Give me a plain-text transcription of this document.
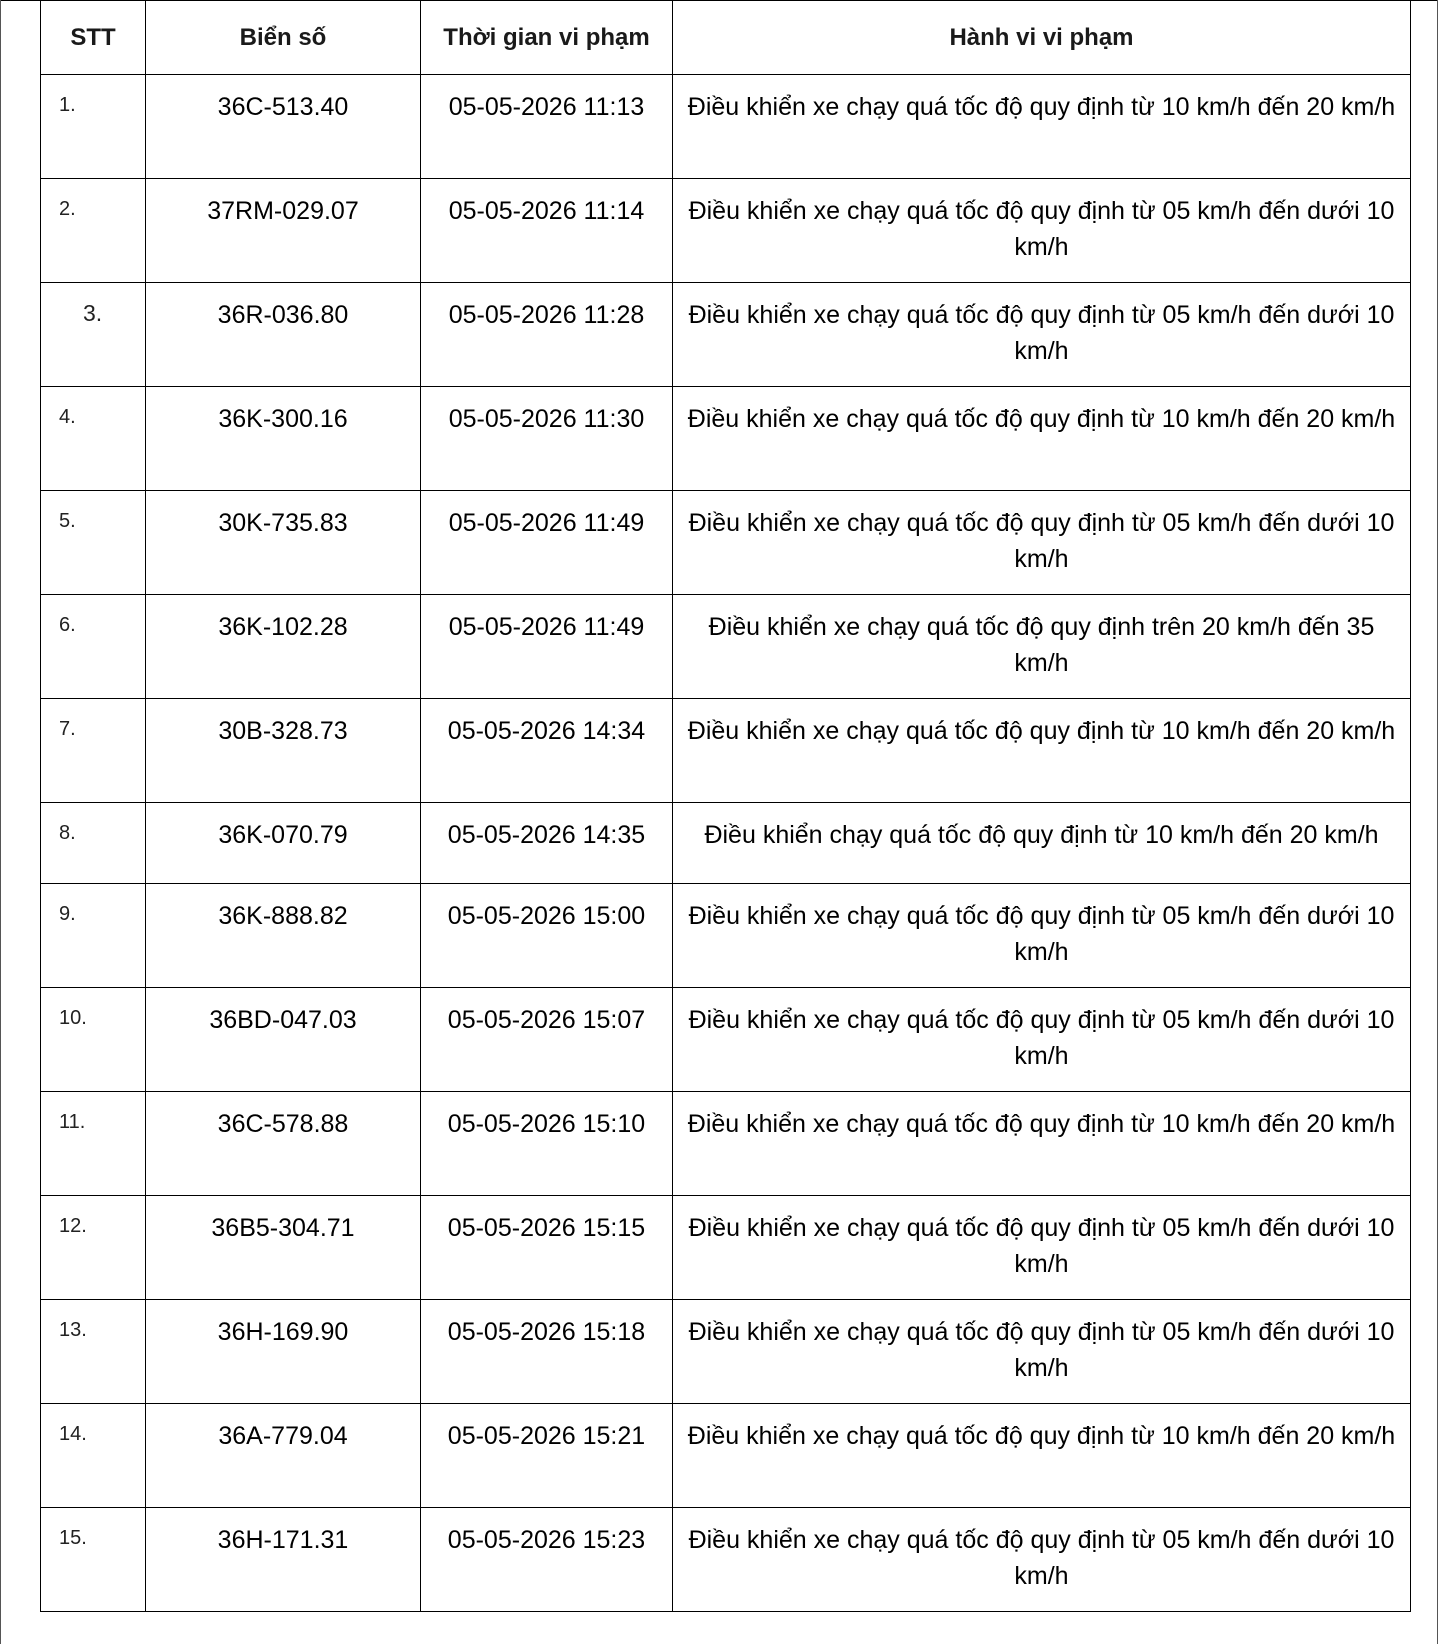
STT	Biển số	Thời gian vi phạm	Hành vi vi phạm
1.	36C-513.40	05-05-2026 11:13	Điều khiển xe chạy quá tốc độ quy định từ 10 km/h đến 20 km/h
2.	37RM-029.07	05-05-2026 11:14	Điều khiển xe chạy quá tốc độ quy định từ 05 km/h đến dưới 10 km/h
3.	36R-036.80	05-05-2026 11:28	Điều khiển xe chạy quá tốc độ quy định từ 05 km/h đến dưới 10 km/h
4.	36K-300.16	05-05-2026 11:30	Điều khiển xe chạy quá tốc độ quy định từ 10 km/h đến 20 km/h
5.	30K-735.83	05-05-2026 11:49	Điều khiển xe chạy quá tốc độ quy định từ 05 km/h đến dưới 10 km/h
6.	36K-102.28	05-05-2026 11:49	Điều khiển xe chạy quá tốc độ quy định trên 20 km/h đến 35 km/h
7.	30B-328.73	05-05-2026 14:34	Điều khiển xe chạy quá tốc độ quy định từ 10 km/h đến 20 km/h
8.	36K-070.79	05-05-2026 14:35	Điều khiển chạy quá tốc độ quy định từ 10 km/h đến 20 km/h
9.	36K-888.82	05-05-2026 15:00	Điều khiển xe chạy quá tốc độ quy định từ 05 km/h đến dưới 10 km/h
10.	36BD-047.03	05-05-2026 15:07	Điều khiển xe chạy quá tốc độ quy định từ 05 km/h đến dưới 10 km/h
11.	36C-578.88	05-05-2026 15:10	Điều khiển xe chạy quá tốc độ quy định từ 10 km/h đến 20 km/h
12.	36B5-304.71	05-05-2026 15:15	Điều khiển xe chạy quá tốc độ quy định từ 05 km/h đến dưới 10 km/h
13.	36H-169.90	05-05-2026 15:18	Điều khiển xe chạy quá tốc độ quy định từ 05 km/h đến dưới 10 km/h
14.	36A-779.04	05-05-2026 15:21	Điều khiển xe chạy quá tốc độ quy định từ 10 km/h đến 20 km/h
15.	36H-171.31	05-05-2026 15:23	Điều khiển xe chạy quá tốc độ quy định từ 05 km/h đến dưới 10 km/h
